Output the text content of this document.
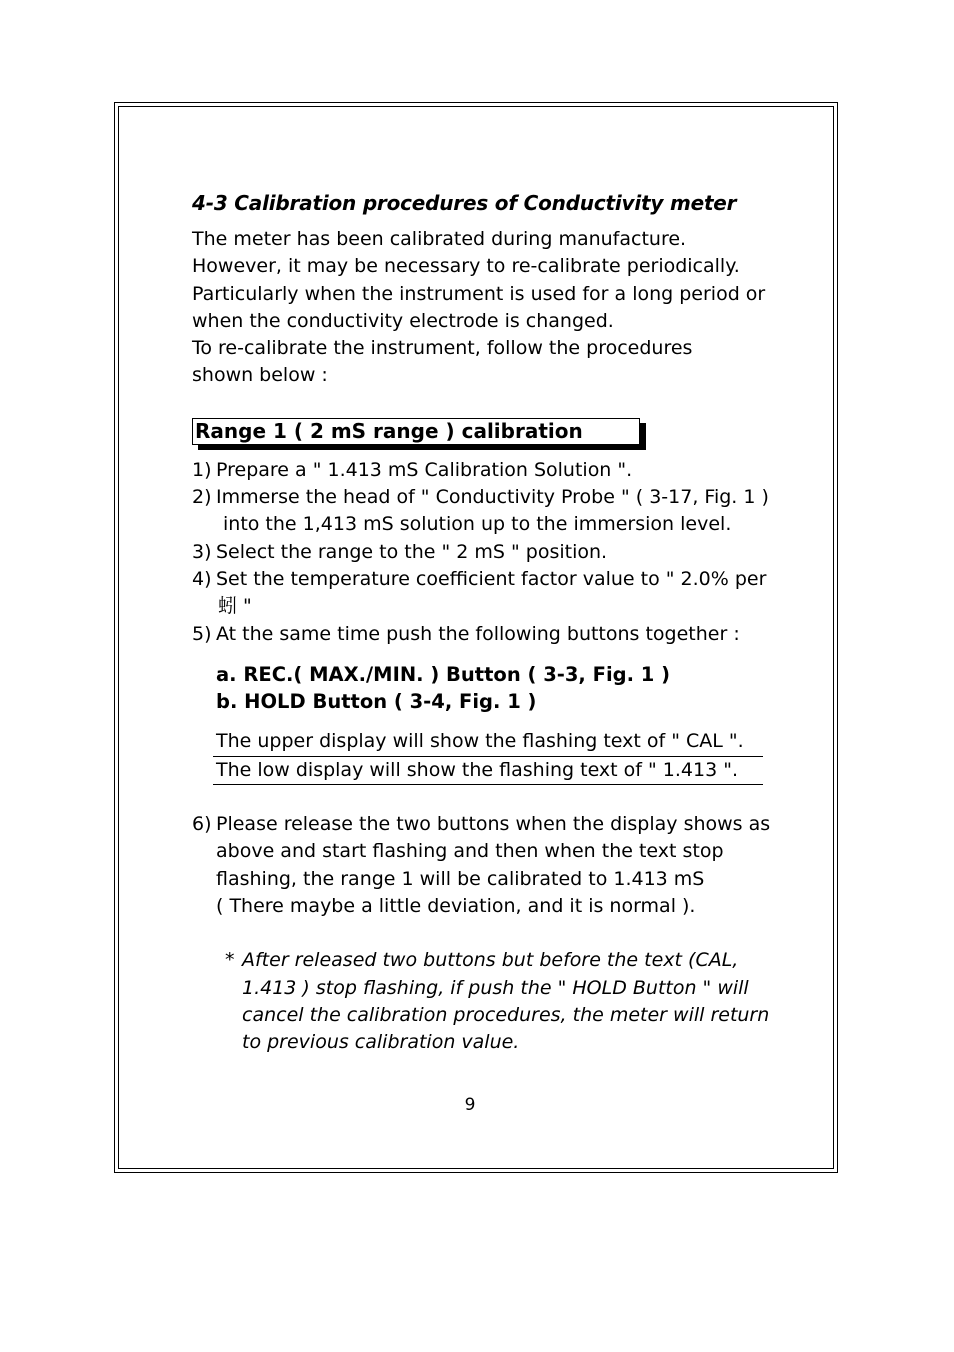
4-3 Calibration procedures of Conductivity meter

The meter has been calibrated during manufacture.

However, it may be necessary to re-calibrate periodically.

Particularly when the instrument is used for a long period or

when the conductivity electrode is changed.

To re-calibrate the instrument, follow the procedures

shown below :

Range 1 ( 2 mS range ) calibration
1) Prepare a " 1.413 mS Calibration Solution ".
2) Immerse the head of " Conductivity Probe " ( 3-17, Fig. 1 )
into the 1,413 mS solution up to the immersion level.
3) Select the range to the " 2 mS " position.
4) Set the temperature coefficient factor value to " 2.0% per
蚓 "
5) At the same time push the following buttons together :
a. REC.( MAX./MIN. ) Button ( 3-3, Fig. 1 )
b. HOLD Button ( 3-4, Fig. 1 )
The upper display will show the flashing text of " CAL ".
The low display will show the flashing text of " 1.413 ".
6) Please release the two buttons when the display shows as
above and start flashing and then when the text stop
flashing, the range 1 will be calibrated to 1.413 mS
( There maybe a little deviation, and it is normal ).
* After released two buttons but before the text (CAL,
1.413 ) stop flashing, if push the " HOLD Button " will
cancel the calibration procedures, the meter will return
to previous calibration value.
9
